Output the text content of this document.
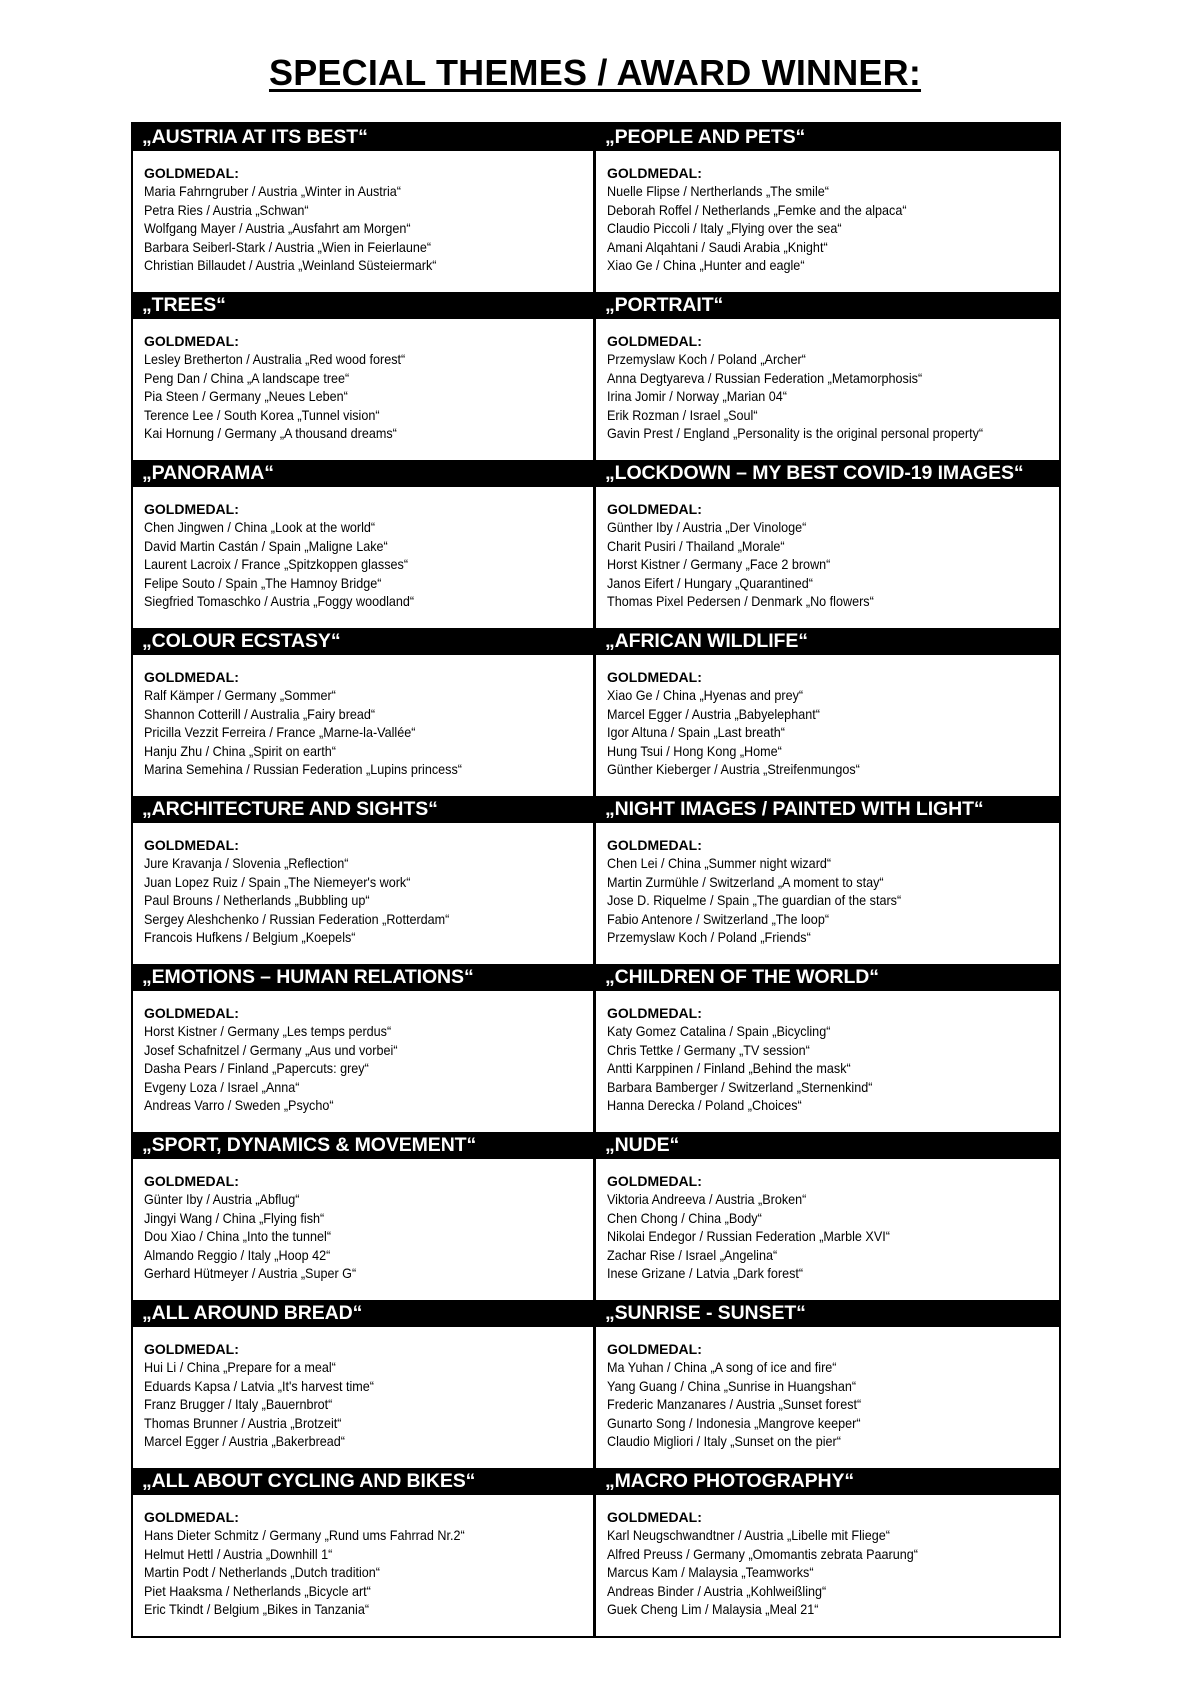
SPECIAL THEMES / AWARD WINNER:
„AUSTRIA AT ITS BEST“
GOLDMEDAL:
Maria Fahrngruber / Austria „Winter in Austria“
Petra Ries / Austria „Schwan“
Wolfgang Mayer / Austria „Ausfahrt am Morgen“
Barbara Seiberl-Stark / Austria „Wien in Feierlaune“
Christian Billaudet / Austria „Weinland Süsteiermark“
„PEOPLE AND PETS“
GOLDMEDAL:
Nuelle Flipse / Nertherlands „The smile“
Deborah Roffel / Netherlands „Femke and the alpaca“
Claudio Piccoli / Italy „Flying over the sea“
Amani Alqahtani / Saudi Arabia „Knight“
Xiao Ge / China „Hunter and eagle“
„TREES“
GOLDMEDAL:
Lesley Bretherton / Australia „Red wood forest“
Peng Dan / China „A landscape tree“
Pia Steen / Germany „Neues Leben“
Terence Lee / South Korea „Tunnel vision“
Kai Hornung / Germany „A thousand dreams“
„PORTRAIT“
GOLDMEDAL:
Przemyslaw Koch / Poland „Archer“
Anna Degtyareva / Russian Federation „Metamorphosis“
Irina Jomir / Norway „Marian 04“
Erik Rozman / Israel „Soul“
Gavin Prest / England „Personality is the original personal property“
„PANORAMA“
GOLDMEDAL:
Chen Jingwen / China „Look at the world“
David Martin Castán / Spain „Maligne Lake“
Laurent Lacroix / France „Spitzkoppen glasses“
Felipe Souto / Spain „The Hamnoy Bridge“
Siegfried Tomaschko / Austria „Foggy woodland“
„LOCKDOWN – MY BEST COVID-19 IMAGES“
GOLDMEDAL:
Günther Iby / Austria „Der Vinologe“
Charit Pusiri / Thailand „Morale“
Horst Kistner / Germany „Face 2 brown“
Janos Eifert / Hungary „Quarantined“
Thomas Pixel Pedersen / Denmark „No flowers“
„COLOUR ECSTASY“
GOLDMEDAL:
Ralf Kämper / Germany „Sommer“
Shannon Cotterill / Australia „Fairy bread“
Pricilla Vezzit Ferreira / France „Marne-la-Vallée“
Hanju Zhu / China „Spirit on earth“
Marina Semehina / Russian Federation „Lupins princess“
„AFRICAN WILDLIFE“
GOLDMEDAL:
Xiao Ge / China „Hyenas and prey“
Marcel Egger / Austria „Babyelephant“
Igor Altuna / Spain „Last breath“
Hung Tsui / Hong Kong „Home“
Günther Kieberger / Austria „Streifenmungos“
„ARCHITECTURE AND SIGHTS“
GOLDMEDAL:
Jure Kravanja / Slovenia „Reflection“
Juan Lopez Ruiz / Spain „The Niemeyer's work“
Paul Brouns / Netherlands „Bubbling up“
Sergey Aleshchenko / Russian Federation „Rotterdam“
Francois Hufkens / Belgium „Koepels“
„NIGHT IMAGES / PAINTED WITH LIGHT“
GOLDMEDAL:
Chen Lei / China „Summer night wizard“
Martin Zurmühle / Switzerland „A moment to stay“
Jose D. Riquelme / Spain „The guardian of the stars“
Fabio Antenore / Switzerland „The loop“
Przemyslaw Koch / Poland „Friends“
„EMOTIONS – HUMAN RELATIONS“
GOLDMEDAL:
Horst Kistner / Germany „Les temps perdus“
Josef Schafnitzel / Germany „Aus und vorbei“
Dasha Pears / Finland „Papercuts: grey“
Evgeny Loza / Israel „Anna“
Andreas Varro / Sweden „Psycho“
„CHILDREN OF THE WORLD“
GOLDMEDAL:
Katy Gomez Catalina / Spain „Bicycling“
Chris Tettke / Germany „TV session“
Antti Karppinen / Finland „Behind the mask“
Barbara Bamberger / Switzerland „Sternenkind“
Hanna Derecka / Poland „Choices“
„SPORT, DYNAMICS & MOVEMENT“
GOLDMEDAL:
Günter Iby / Austria „Abflug“
Jingyi Wang / China „Flying fish“
Dou Xiao / China „Into the tunnel“
Almando Reggio / Italy „Hoop 42“
Gerhard Hütmeyer / Austria „Super G“
„NUDE“
GOLDMEDAL:
Viktoria Andreeva / Austria „Broken“
Chen Chong / China „Body“
Nikolai Endegor / Russian Federation „Marble XVI“
Zachar Rise / Israel „Angelina“
Inese Grizane / Latvia „Dark forest“
„ALL AROUND BREAD“
GOLDMEDAL:
Hui Li / China „Prepare for a meal“
Eduards Kapsa / Latvia „It's harvest time“
Franz Brugger / Italy „Bauernbrot“
Thomas Brunner / Austria „Brotzeit“
Marcel Egger / Austria „Bakerbread“
„SUNRISE - SUNSET“
GOLDMEDAL:
Ma Yuhan / China „A song of ice and fire“
Yang Guang / China „Sunrise in Huangshan“
Frederic Manzanares / Austria „Sunset forest“
Gunarto Song / Indonesia „Mangrove keeper“
Claudio Migliori / Italy „Sunset on the pier“
„ALL ABOUT CYCLING AND BIKES“
GOLDMEDAL:
Hans Dieter Schmitz / Germany „Rund ums Fahrrad Nr.2“
Helmut Hettl / Austria „Downhill 1“
Martin Podt / Netherlands „Dutch tradition“
Piet Haaksma / Netherlands „Bicycle art“
Eric Tkindt / Belgium „Bikes in Tanzania“
„MACRO PHOTOGRAPHY“
GOLDMEDAL:
Karl Neugschwandtner / Austria „Libelle mit Fliege“
Alfred Preuss / Germany „Omomantis zebrata Paarung“
Marcus Kam / Malaysia „Teamworks“
Andreas Binder / Austria „Kohlweißling“
Guek Cheng Lim / Malaysia „Meal 21“
